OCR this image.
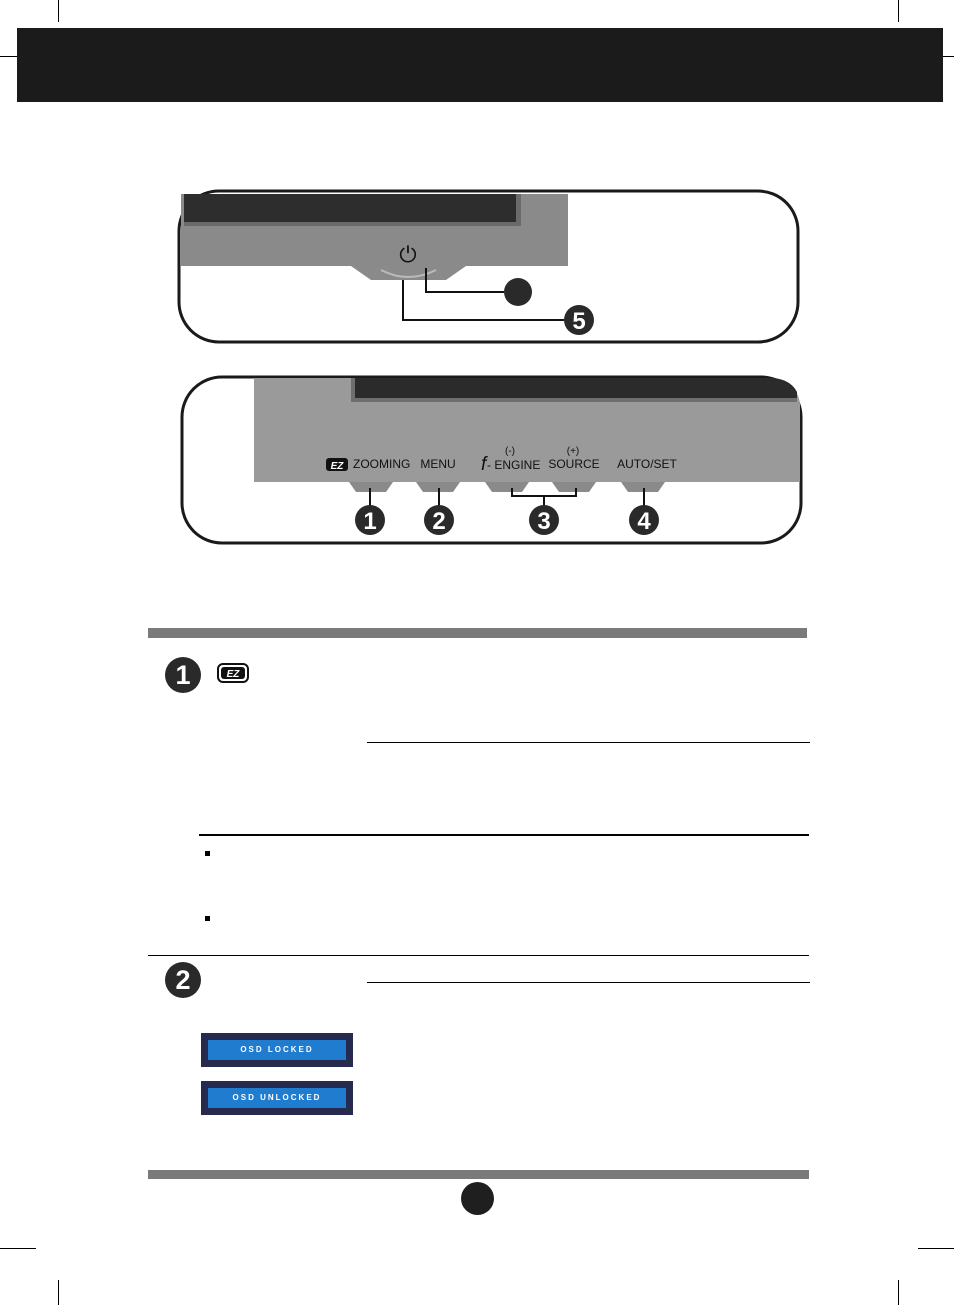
⏻
5
EZ ZOOMING MENU f
(-)
- ENGINE
(+)
SOURCE AUTO/SET
1 2	3	4
1	EZ
2
OSD LOCKED
OSD UNLOCKED
